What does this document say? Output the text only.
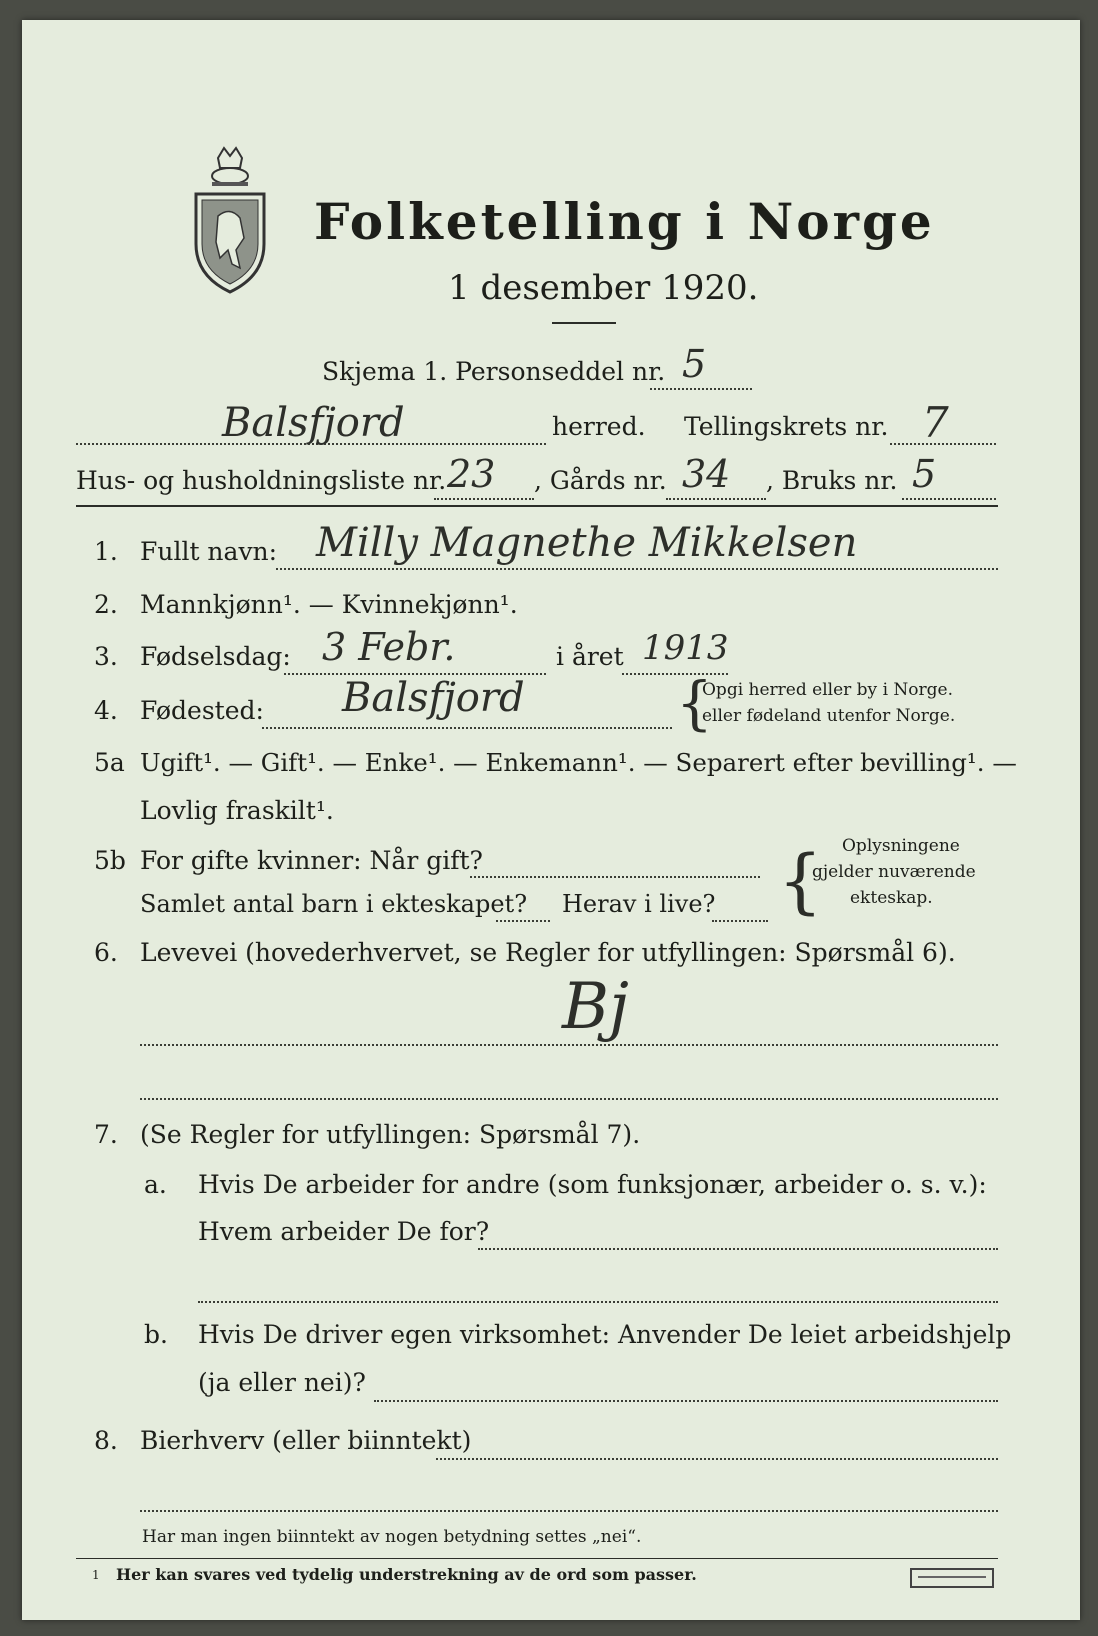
Folketelling i Norge
1 desember 1920.
Skjema 1. Personseddel nr. 5
Balsfjord	herred. Tellingskrets nr. 7
Hus- og husholdningsliste nr. 23 , Gårds nr. 34 , Bruks nr. 5
1. Fullt navn: Milly Magnethe Mikkelsen
2. Mannkjønn¹. — Kvinnekjønn¹.
3. Fødselsdag: 3 Febr.	i året 1913
4. Fødested: Balsfjord	{
Opgi herred eller by i Norge.
eller fødeland utenfor Norge.
5a Ugift¹. — Gift¹. — Enke¹. — Enkemann¹. — Separert efter bevilling¹. —
Lovlig fraskilt¹.
5b For gifte kvinner: Når gift?
Samlet antal barn i ekteskapet? Herav i live? { Oplysningene
gjelder nuværende
ekteskap.
6. Levevei (hovederhvervet, se Regler for utfyllingen: Spørsmål 6).
Bj
7. (Se Regler for utfyllingen: Spørsmål 7).
a. Hvis De arbeider for andre (som funksjonær, arbeider o. s. v.):
Hvem arbeider De for?
b. Hvis De driver egen virksomhet: Anvender De leiet arbeidshjelp
(ja eller nei)?
8. Bierhverv (eller biinntekt)
Har man ingen biinntekt av nogen betydning settes „nei“.
1 Her kan svares ved tydelig understrekning av de ord som passer.
